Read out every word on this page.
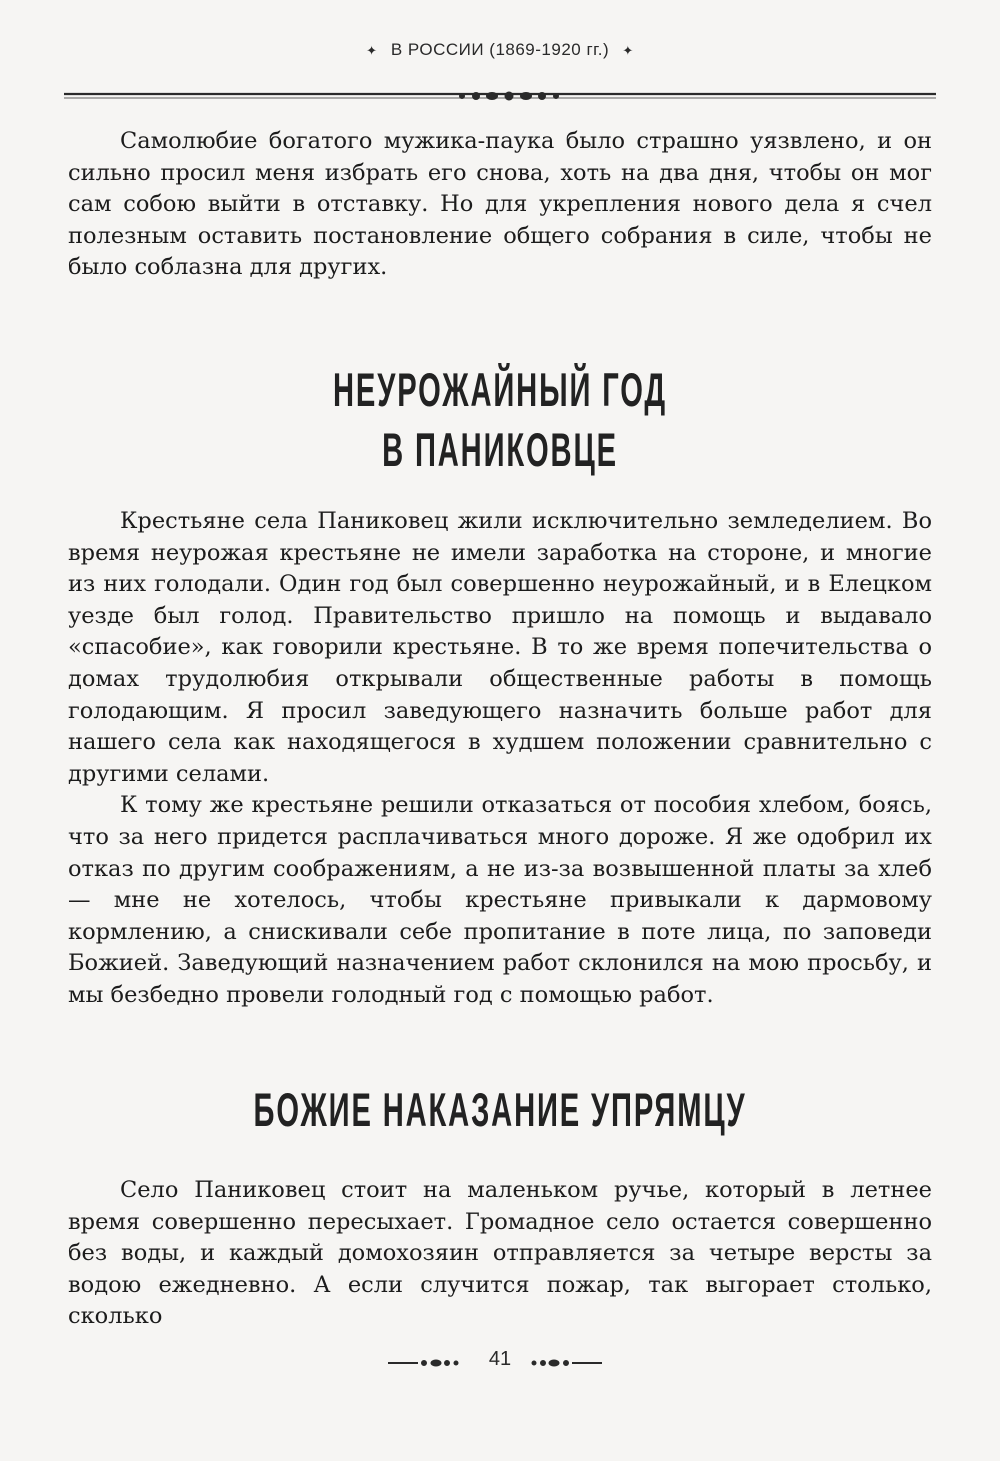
✦ В РОССИИ (1869-1920 гг.) ✦

Самолюбие богатого мужика-паука было страшно уязвлено, и он сильно просил меня избрать его снова, хоть на два дня, чтобы он мог сам собою выйти в отставку. Но для укрепления нового дела я счел полезным оставить постановление общего собрания в силе, чтобы не было соблазна для других.

НЕУРОЖАЙНЫЙ ГОД
В ПАНИКОВЦЕ

Крестьяне села Паниковец жили исключительно земледелием. Во время неурожая крестьяне не имели заработка на стороне, и многие из них голодали. Один год был совершенно неурожайный, и в Елецком уезде был голод. Правительство пришло на помощь и выдавало «спасобие», как говорили крестьяне. В то же время попечительства о домах трудолюбия открывали общественные работы в помощь голодающим. Я просил заведующего назначить больше работ для нашего села как находящегося в худшем положении сравнительно с другими селами.

К тому же крестьяне решили отказаться от пособия хлебом, боясь, что за него придется расплачиваться много дороже. Я же одобрил их отказ по другим соображениям, а не из-за возвышенной платы за хлеб — мне не хотелось, чтобы крестьяне привыкали к дармовому кормлению, а снискивали себе пропитание в поте лица, по заповеди Божией. Заведующий назначением работ склонился на мою просьбу, и мы безбедно провели голодный год с помощью работ.

БОЖИЕ НАКАЗАНИЕ УПРЯМЦУ

Село Паниковец стоит на маленьком ручье, который в летнее время совершенно пересыхает. Громадное село остается совершенно без воды, и каждый домохозяин отправляется за четыре версты за водою ежедневно. А если случится пожар, так выгорает столько, сколько

41
